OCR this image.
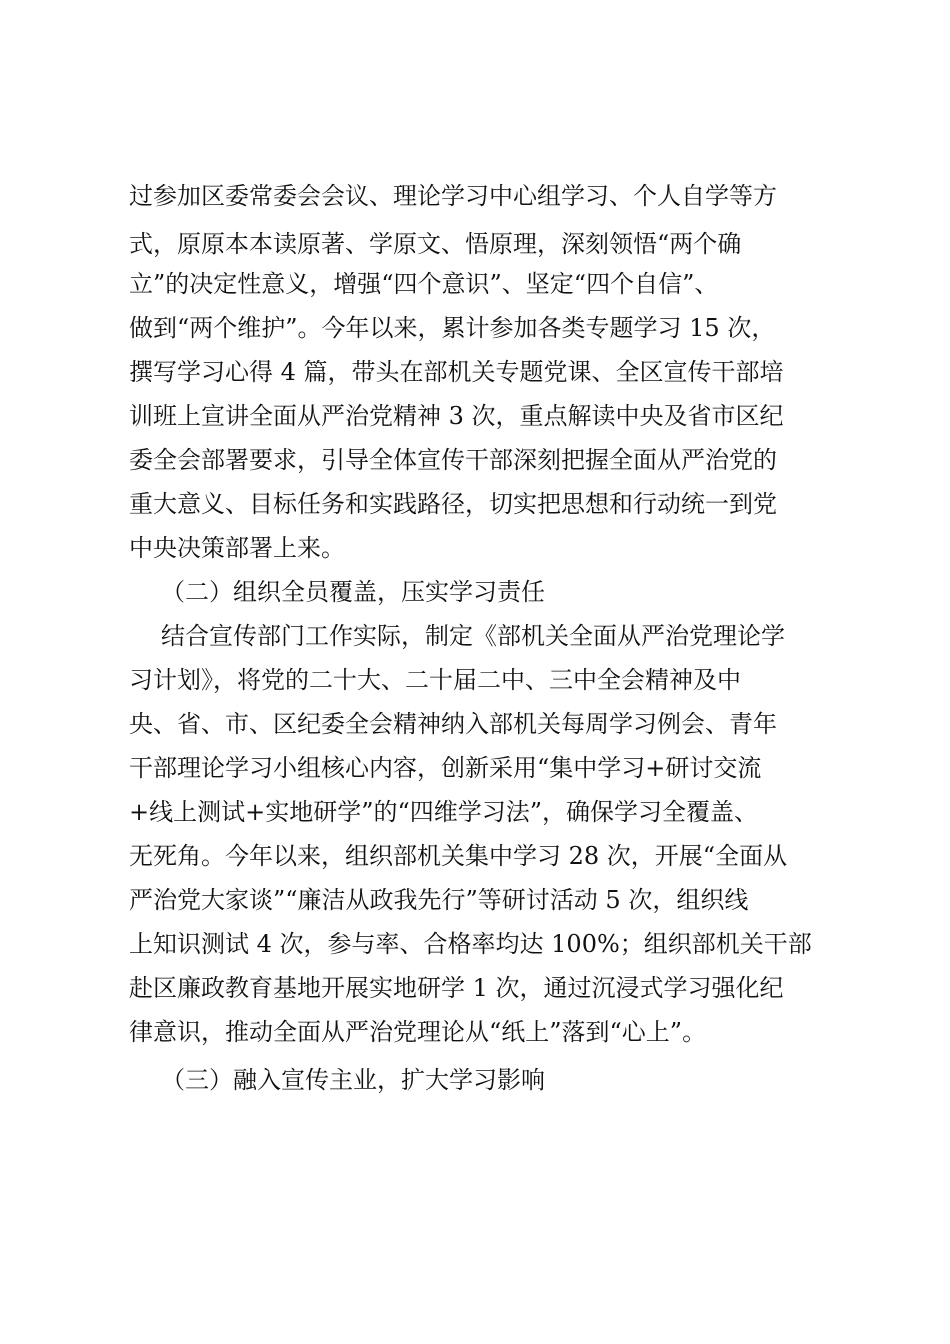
过参加区委常委会会议、理论学习中心组学习、个人自学等方
式，原原本本读原著、学原文、悟原理，深刻领悟“两个确
立”的决定性意义，增强“四个意识”、坚定“四个自信”、
做到“两个维护”。今年以来，累计参加各类专题学习 15 次，
撰写学习心得 4 篇，带头在部机关专题党课、全区宣传干部培
训班上宣讲全面从严治党精神 3 次，重点解读中央及省市区纪
委全会部署要求，引导全体宣传干部深刻把握全面从严治党的
重大意义、目标任务和实践路径，切实把思想和行动统一到党
中央决策部署上来。
（二）组织全员覆盖，压实学习责任
结合宣传部门工作实际，制定《部机关全面从严治党理论学
习计划》，将党的二十大、二十届二中、三中全会精神及中
央、省、市、区纪委全会精神纳入部机关每周学习例会、青年
干部理论学习小组核心内容，创新采用“集中学习+研讨交流
+线上测试+实地研学”的“四维学习法”，确保学习全覆盖、
无死角。今年以来，组织部机关集中学习 28 次，开展“全面从
严治党大家谈”“廉洁从政我先行”等研讨活动 5 次，组织线
上知识测试 4 次，参与率、合格率均达 100%；组织部机关干部
赴区廉政教育基地开展实地研学 1 次，通过沉浸式学习强化纪
律意识，推动全面从严治党理论从“纸上”落到“心上”。
（三）融入宣传主业，扩大学习影响
